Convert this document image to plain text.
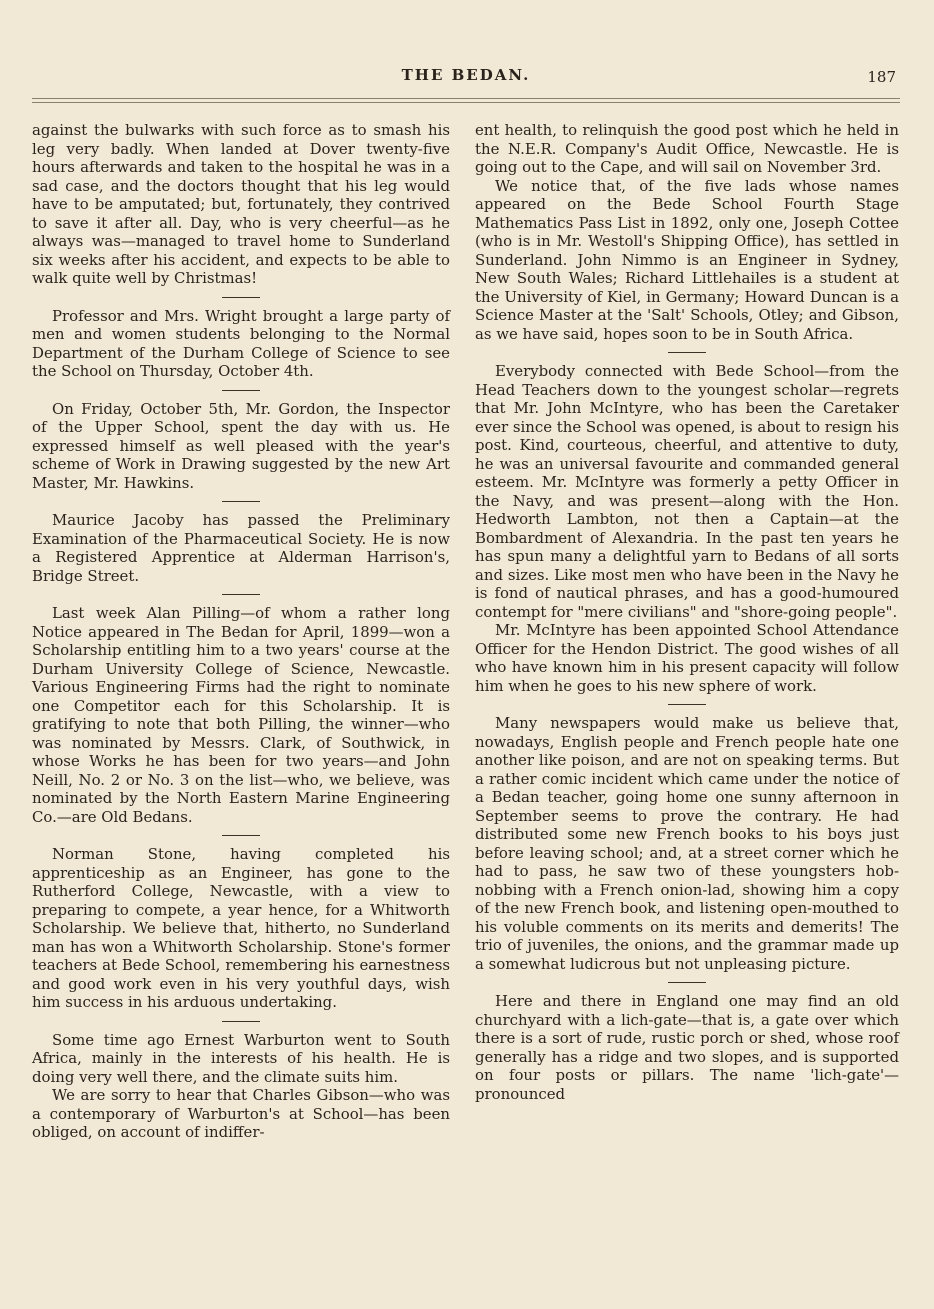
THE BEDAN.	187

against the bulwarks with such force as to smash his leg very badly. When landed at Dover twenty-five hours afterwards and taken to the hospital he was in a sad case, and the doctors thought that his leg would have to be amputated; but, fortunately, they contrived to save it after all. Day, who is very cheerful—as he always was—managed to travel home to Sunderland six weeks after his accident, and expects to be able to walk quite well by Christmas!

Professor and Mrs. Wright brought a large party of men and women students belonging to the Normal Department of the Durham College of Science to see the School on Thursday, October 4th.

On Friday, October 5th, Mr. Gordon, the Inspector of the Upper School, spent the day with us. He expressed himself as well pleased with the year's scheme of Work in Drawing suggested by the new Art Master, Mr. Hawkins.

Maurice Jacoby has passed the Preliminary Examination of the Pharmaceutical Society. He is now a Registered Apprentice at Alderman Harrison's, Bridge Street.

Last week Alan Pilling—of whom a rather long Notice appeared in The Bedan for April, 1899—won a Scholarship entitling him to a two years' course at the Durham University College of Science, Newcastle. Various Engineering Firms had the right to nominate one Competitor each for this Scholarship. It is gratifying to note that both Pilling, the winner—who was nominated by Messrs. Clark, of Southwick, in whose Works he has been for two years—and John Neill, No. 2 or No. 3 on the list—who, we believe, was nominated by the North Eastern Marine Engineering Co.—are Old Bedans.

Norman Stone, having completed his apprenticeship as an Engineer, has gone to the Rutherford College, Newcastle, with a view to preparing to compete, a year hence, for a Whitworth Scholarship. We believe that, hitherto, no Sunderland man has won a Whitworth Scholarship. Stone's former teachers at Bede School, remembering his earnestness and good work even in his very youthful days, wish him success in his arduous undertaking.

Some time ago Ernest Warburton went to South Africa, mainly in the interests of his health. He is doing very well there, and the climate suits him.

We are sorry to hear that Charles Gibson—who was a contemporary of Warburton's at School—has been obliged, on account of indiffer-

ent health, to relinquish the good post which he held in the N.E.R. Company's Audit Office, Newcastle. He is going out to the Cape, and will sail on November 3rd.

We notice that, of the five lads whose names appeared on the Bede School Fourth Stage Mathematics Pass List in 1892, only one, Joseph Cottee (who is in Mr. Westoll's Shipping Office), has settled in Sunderland. John Nimmo is an Engineer in Sydney, New South Wales; Richard Littlehailes is a student at the University of Kiel, in Germany; Howard Duncan is a Science Master at the 'Salt' Schools, Otley; and Gibson, as we have said, hopes soon to be in South Africa.

Everybody connected with Bede School—from the Head Teachers down to the youngest scholar—regrets that Mr. John McIntyre, who has been the Caretaker ever since the School was opened, is about to resign his post. Kind, courteous, cheerful, and attentive to duty, he was an universal favourite and commanded general esteem. Mr. McIntyre was formerly a petty Officer in the Navy, and was present—along with the Hon. Hedworth Lambton, not then a Captain—at the Bombardment of Alexandria. In the past ten years he has spun many a delightful yarn to Bedans of all sorts and sizes. Like most men who have been in the Navy he is fond of nautical phrases, and has a good-humoured contempt for "mere civilians" and "shore-going people".

Mr. McIntyre has been appointed School Attendance Officer for the Hendon District. The good wishes of all who have known him in his present capacity will follow him when he goes to his new sphere of work.

Many newspapers would make us believe that, nowadays, English people and French people hate one another like poison, and are not on speaking terms. But a rather comic incident which came under the notice of a Bedan teacher, going home one sunny afternoon in September seems to prove the contrary. He had distributed some new French books to his boys just before leaving school; and, at a street corner which he had to pass, he saw two of these youngsters hob-nobbing with a French onion-lad, showing him a copy of the new French book, and listening open-mouthed to his voluble comments on its merits and demerits! The trio of juveniles, the onions, and the grammar made up a somewhat ludicrous but not unpleasing picture.

Here and there in England one may find an old churchyard with a lich-gate—that is, a gate over which there is a sort of rude, rustic porch or shed, whose roof generally has a ridge and two slopes, and is supported on four posts or pillars. The name 'lich-gate'—pronounced
